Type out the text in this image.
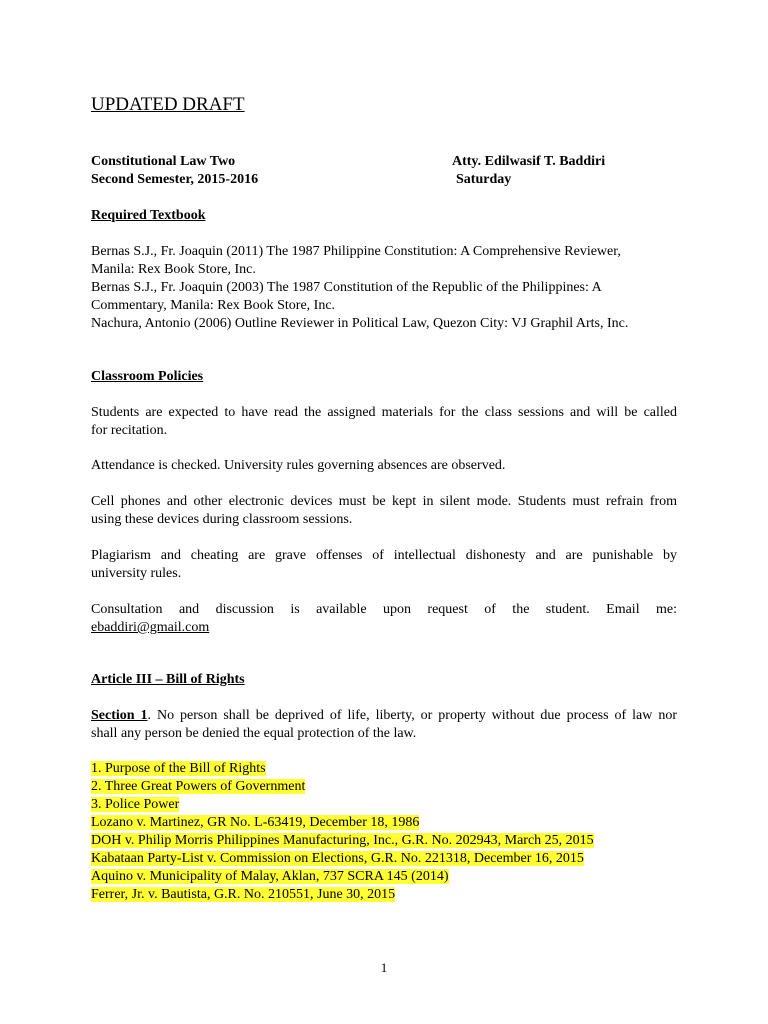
UPDATED DRAFT
Constitutional Law Two	Atty. Edilwasif T. Baddiri
Second Semester, 2015-2016	Saturday
Required Textbook

Bernas S.J., Fr. Joaquin (2011) The 1987 Philippine Constitution: A Comprehensive Reviewer,

Manila: Rex Book Store, Inc.

Bernas S.J., Fr. Joaquin (2003) The 1987 Constitution of the Republic of the Philippines: A

Commentary, Manila: Rex Book Store, Inc.

Nachura, Antonio (2006) Outline Reviewer in Political Law, Quezon City: VJ Graphil Arts, Inc.

Classroom Policies

Students are expected to have read the assigned materials for the class sessions and will be called

for recitation.

Attendance is checked. University rules governing absences are observed.

Cell phones and other electronic devices must be kept in silent mode. Students must refrain from

using these devices during classroom sessions.

Plagiarism and cheating are grave offenses of intellectual dishonesty and are punishable by

university rules.

Consultation and discussion is available upon request of the student. Email me:

ebaddiri@gmail.com

Article III – Bill of Rights

Section 1. No person shall be deprived of life, liberty, or property without due process of law nor

shall any person be denied the equal protection of the law.

1. Purpose of the Bill of Rights
2. Three Great Powers of Government
3. Police Power
Lozano v. Martinez, GR No. L-63419, December 18, 1986
DOH v. Philip Morris Philippines Manufacturing, Inc., G.R. No. 202943, March 25, 2015
Kabataan Party-List v. Commission on Elections, G.R. No. 221318, December 16, 2015
Aquino v. Municipality of Malay, Aklan, 737 SCRA 145 (2014)
Ferrer, Jr. v. Bautista, G.R. No. 210551, June 30, 2015
1
